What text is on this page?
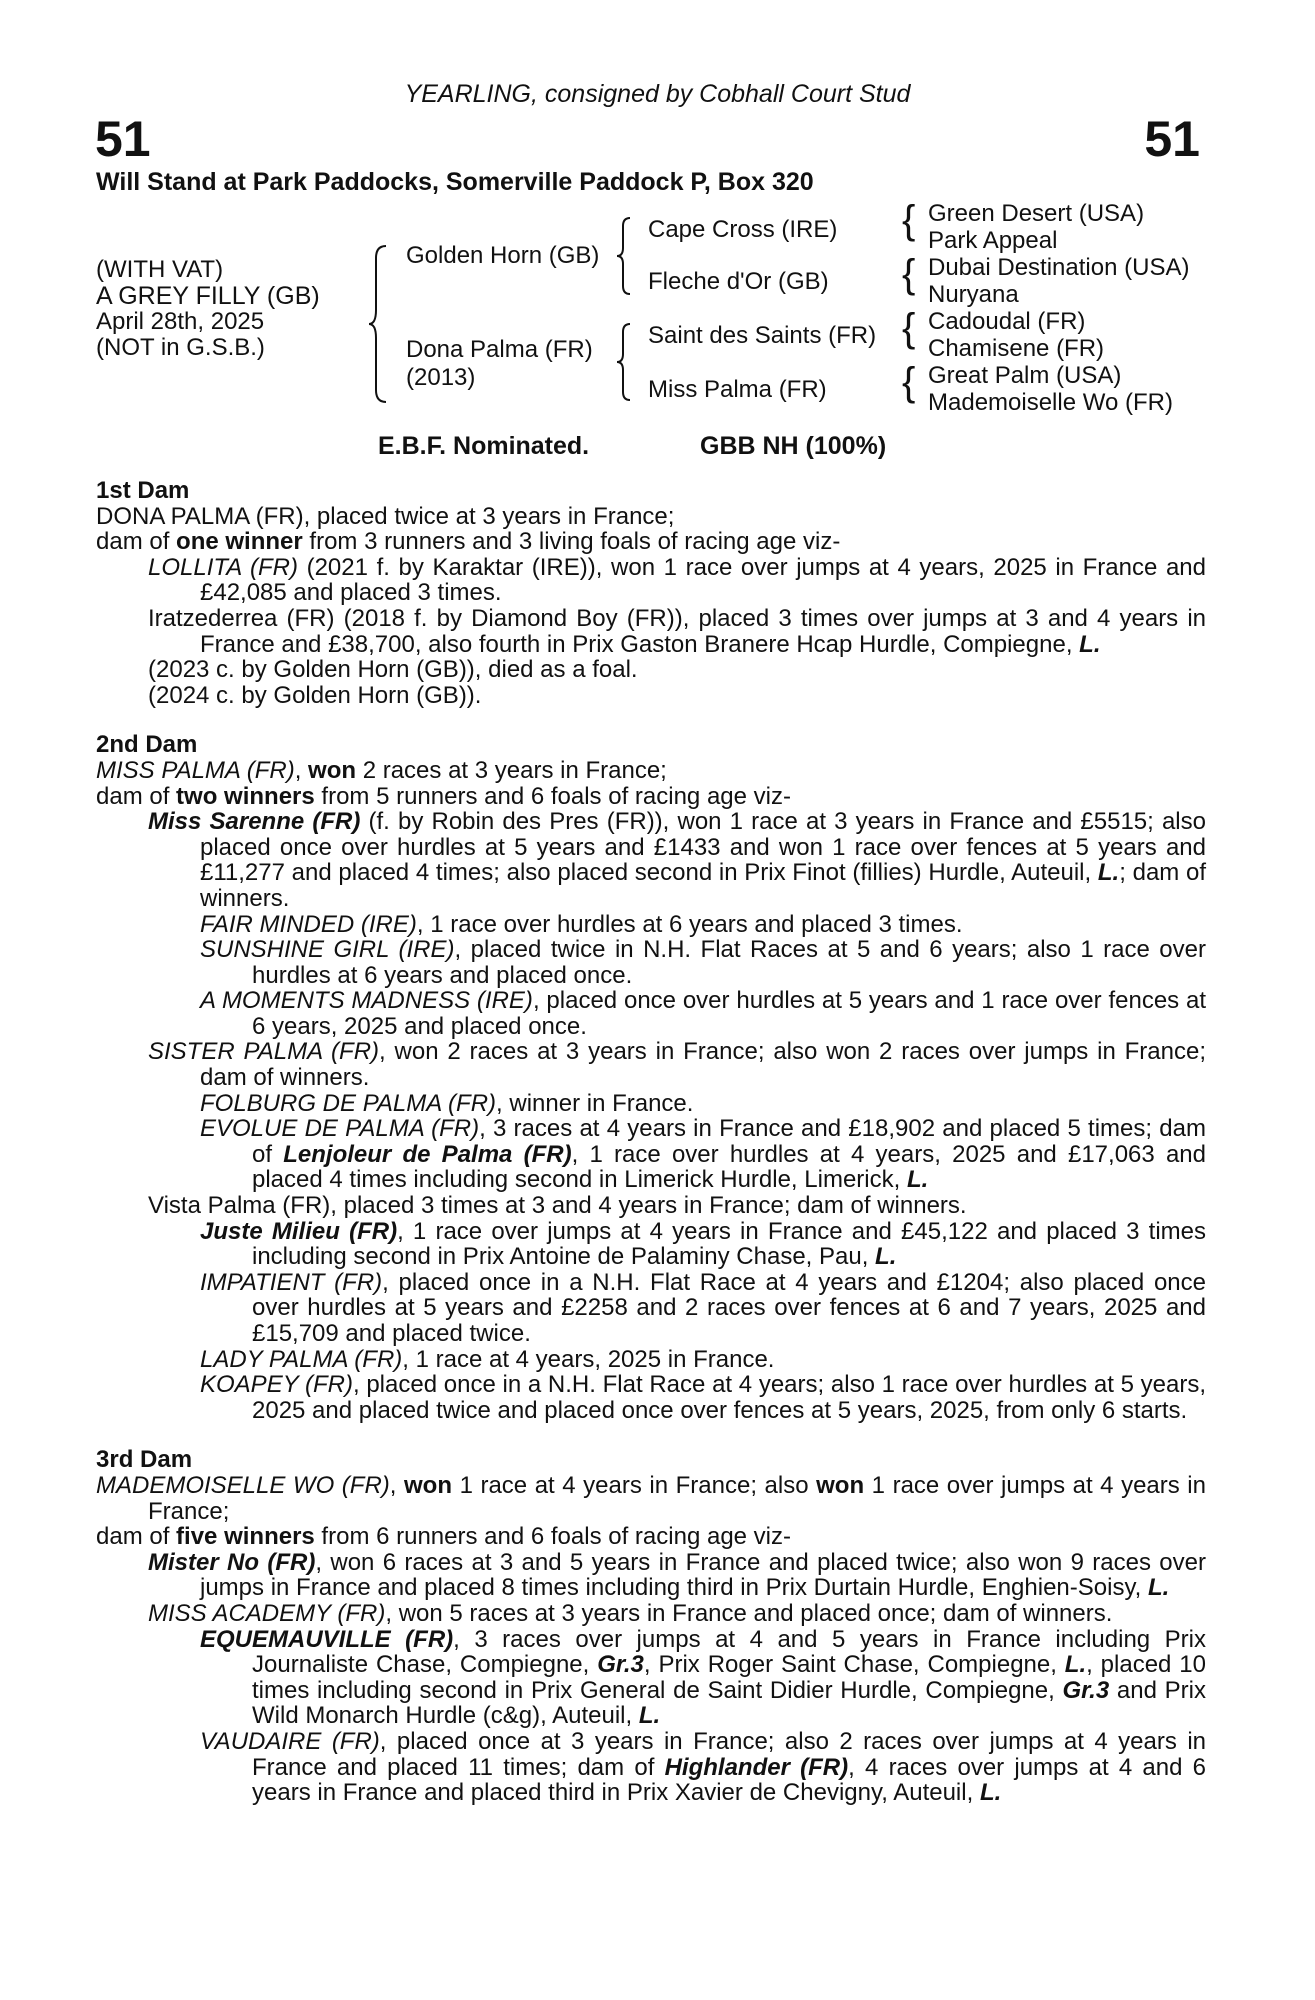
YEARLING, consigned by Cobhall Court Stud
51	51
Will Stand at Park Paddocks, Somerville Paddock P, Box 320
(WITH VAT)
A GREY FILLY (GB)
April 28th, 2025
(NOT in G.S.B.)
Golden Horn (GB)
Dona Palma (FR)
(2013)
Cape Cross (IRE)
Fleche d'Or (GB)
Saint des Saints (FR)
Miss Palma (FR)
{
{
{
{
Green Desert (USA)
Park Appeal
Dubai Destination (USA)
Nuryana
Cadoudal (FR)
Chamisene (FR)
Great Palm (USA)
Mademoiselle Wo (FR)
E.B.F. Nominated.	GBB NH (100%)
1st Dam
DONA PALMA (FR), placed twice at 3 years in France;
dam of one winner from 3 runners and 3 living foals of racing age viz-
LOLLITA (FR) (2021 f. by Karaktar (IRE)), won 1 race over jumps at 4 years, 2025 in France and £42,085 and placed 3 times.
Iratzederrea (FR) (2018 f. by Diamond Boy (FR)), placed 3 times over jumps at 3 and 4 years in France and £38,700, also fourth in Prix Gaston Branere Hcap Hurdle, Compiegne, L.
(2023 c. by Golden Horn (GB)), died as a foal.
(2024 c. by Golden Horn (GB)).
2nd Dam
MISS PALMA (FR), won 2 races at 3 years in France;
dam of two winners from 5 runners and 6 foals of racing age viz-
Miss Sarenne (FR) (f. by Robin des Pres (FR)), won 1 race at 3 years in France and £5515; also placed once over hurdles at 5 years and £1433 and won 1 race over fences at 5 years and £11,277 and placed 4 times; also placed second in Prix Finot (fillies) Hurdle, Auteuil, L.; dam of winners.
FAIR MINDED (IRE), 1 race over hurdles at 6 years and placed 3 times.
SUNSHINE GIRL (IRE), placed twice in N.H. Flat Races at 5 and 6 years; also 1 race over hurdles at 6 years and placed once.
A MOMENTS MADNESS (IRE), placed once over hurdles at 5 years and 1 race over fences at 6 years, 2025 and placed once.
SISTER PALMA (FR), won 2 races at 3 years in France; also won 2 races over jumps in France; dam of winners.
FOLBURG DE PALMA (FR), winner in France.
EVOLUE DE PALMA (FR), 3 races at 4 years in France and £18,902 and placed 5 times; dam of Lenjoleur de Palma (FR), 1 race over hurdles at 4 years, 2025 and £17,063 and placed 4 times including second in Limerick Hurdle, Limerick, L.
Vista Palma (FR), placed 3 times at 3 and 4 years in France; dam of winners.
Juste Milieu (FR), 1 race over jumps at 4 years in France and £45,122 and placed 3 times including second in Prix Antoine de Palaminy Chase, Pau, L.
IMPATIENT (FR), placed once in a N.H. Flat Race at 4 years and £1204; also placed once over hurdles at 5 years and £2258 and 2 races over fences at 6 and 7 years, 2025 and £15,709 and placed twice.
LADY PALMA (FR), 1 race at 4 years, 2025 in France.
KOAPEY (FR), placed once in a N.H. Flat Race at 4 years; also 1 race over hurdles at 5 years, 2025 and placed twice and placed once over fences at 5 years, 2025, from only 6 starts.
3rd Dam
MADEMOISELLE WO (FR), won 1 race at 4 years in France; also won 1 race over jumps at 4 years in France;
dam of five winners from 6 runners and 6 foals of racing age viz-
Mister No (FR), won 6 races at 3 and 5 years in France and placed twice; also won 9 races over jumps in France and placed 8 times including third in Prix Durtain Hurdle, Enghien-Soisy, L.
MISS ACADEMY (FR), won 5 races at 3 years in France and placed once; dam of winners.
EQUEMAUVILLE (FR), 3 races over jumps at 4 and 5 years in France including Prix Journaliste Chase, Compiegne, Gr.3, Prix Roger Saint Chase, Compiegne, L., placed 10 times including second in Prix General de Saint Didier Hurdle, Compiegne, Gr.3 and Prix Wild Monarch Hurdle (c&g), Auteuil, L.
VAUDAIRE (FR), placed once at 3 years in France; also 2 races over jumps at 4 years in France and placed 11 times; dam of Highlander (FR), 4 races over jumps at 4 and 6 years in France and placed third in Prix Xavier de Chevigny, Auteuil, L.
